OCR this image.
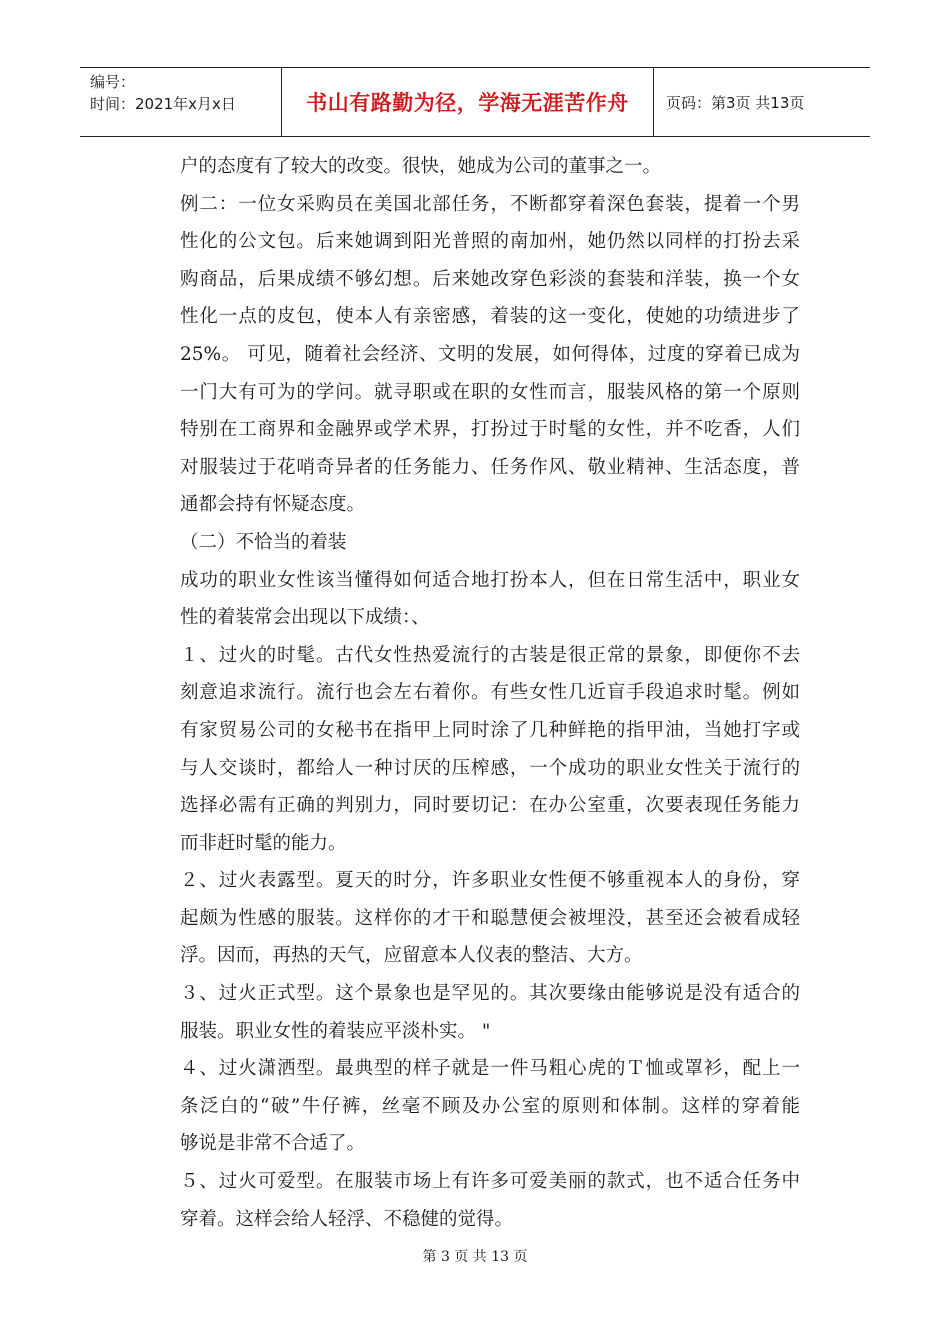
编号：
时间：2021年x月x日	书山有路勤为径，学海无涯苦作舟 页码：第3页 共13页
户的态度有了较大的改变。很快，她成为公司的董事之一。
例二：一位女采购员在美国北部任务，不断都穿着深色套装，提着一个男
性化的公文包。后来她调到阳光普照的南加州，她仍然以同样的打扮去采
购商品，后果成绩不够幻想。后来她改穿色彩淡的套装和洋装，换一个女
性化一点的皮包，使本人有亲密感，着装的这一变化，使她的功绩进步了
25%。 可见，随着社会经济、文明的发展，如何得体，过度的穿着已成为
一门大有可为的学问。就寻职或在职的女性而言，服装风格的第一个原则
特别在工商界和金融界或学术界，打扮过于时髦的女性，并不吃香，人们
对服装过于花哨奇异者的任务能力、任务作风、敬业精神、生活态度，普
通都会持有怀疑态度。
（二）不恰当的着装
成功的职业女性该当懂得如何适合地打扮本人，但在日常生活中，职业女
性的着装常会出现以下成绩：、
１、过火的时髦。古代女性热爱流行的古装是很正常的景象，即便你不去
刻意追求流行。流行也会左右着你。有些女性几近盲手段追求时髦。例如
有家贸易公司的女秘书在指甲上同时涂了几种鲜艳的指甲油，当她打字或
与人交谈时，都给人一种讨厌的压榨感，一个成功的职业女性关于流行的
选择必需有正确的判别力，同时要切记：在办公室重，次要表现任务能力
而非赶时髦的能力。
２、过火表露型。夏天的时分，许多职业女性便不够重视本人的身份，穿
起颇为性感的服装。这样你的才干和聪慧便会被埋没，甚至还会被看成轻
浮。因而，再热的天气，应留意本人仪表的整洁、大方。
３、过火正式型。这个景象也是罕见的。其次要缘由能够说是没有适合的
服装。职业女性的着装应平淡朴实。 "
４、过火潇洒型。最典型的样子就是一件马粗心虎的Ｔ恤或罩衫，配上一
条泛白的“破”牛仔裤，丝毫不顾及办公室的原则和体制。这样的穿着能
够说是非常不合适了。
５、过火可爱型。在服装市场上有许多可爱美丽的款式，也不适合任务中
穿着。这样会给人轻浮、不稳健的觉得。
第 3 页 共 13 页
